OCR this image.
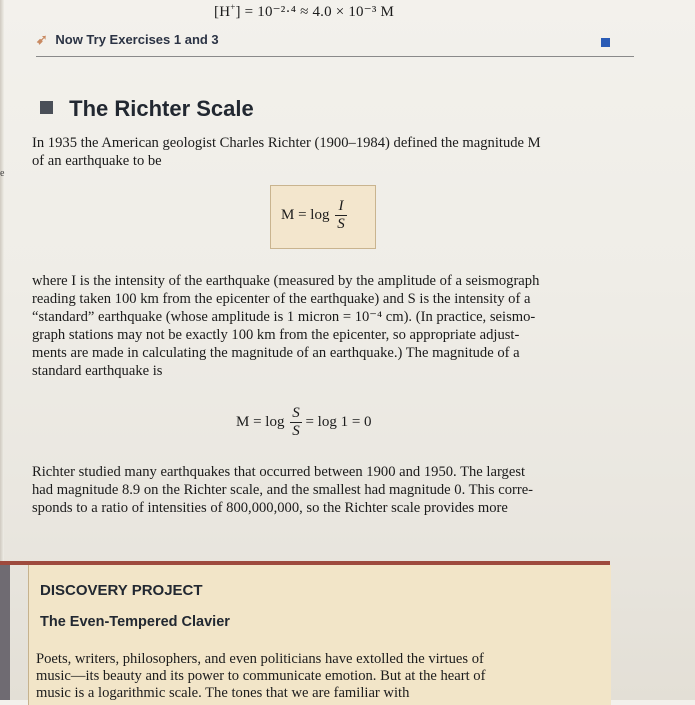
[H+] = 10⁻²·⁴ ≈ 4.0 × 10⁻³ M
➹ Now Try Exercises 1 and 3
The Richter Scale
e
In 1935 the American geologist Charles Richter (1900–1984) defined the magnitude M
of an earthquake to be
$M = \log \frac{I}{S}$
where I is the intensity of the earthquake (measured by the amplitude of a seismograph
reading taken 100 km from the epicenter of the earthquake) and S is the intensity of a
“standard” earthquake (whose amplitude is 1 micron = 10⁻⁴ cm). (In practice, seismo-
graph stations may not be exactly 100 km from the epicenter, so appropriate adjust-
ments are made in calculating the magnitude of an earthquake.) The magnitude of a
standard earthquake is
$M = \log \frac{S}{S} = \log 1 = 0$
Richter studied many earthquakes that occurred between 1900 and 1950. The largest
had magnitude 8.9 on the Richter scale, and the smallest had magnitude 0. This corre-
sponds to a ratio of intensities of 800,000,000, so the Richter scale provides more
DISCOVERY PROJECT
The Even-Tempered Clavier
Poets, writers, philosophers, and even politicians have extolled the virtues of
music—its beauty and its power to communicate emotion. But at the heart of
music is a logarithmic scale. The tones that we are familiar with
